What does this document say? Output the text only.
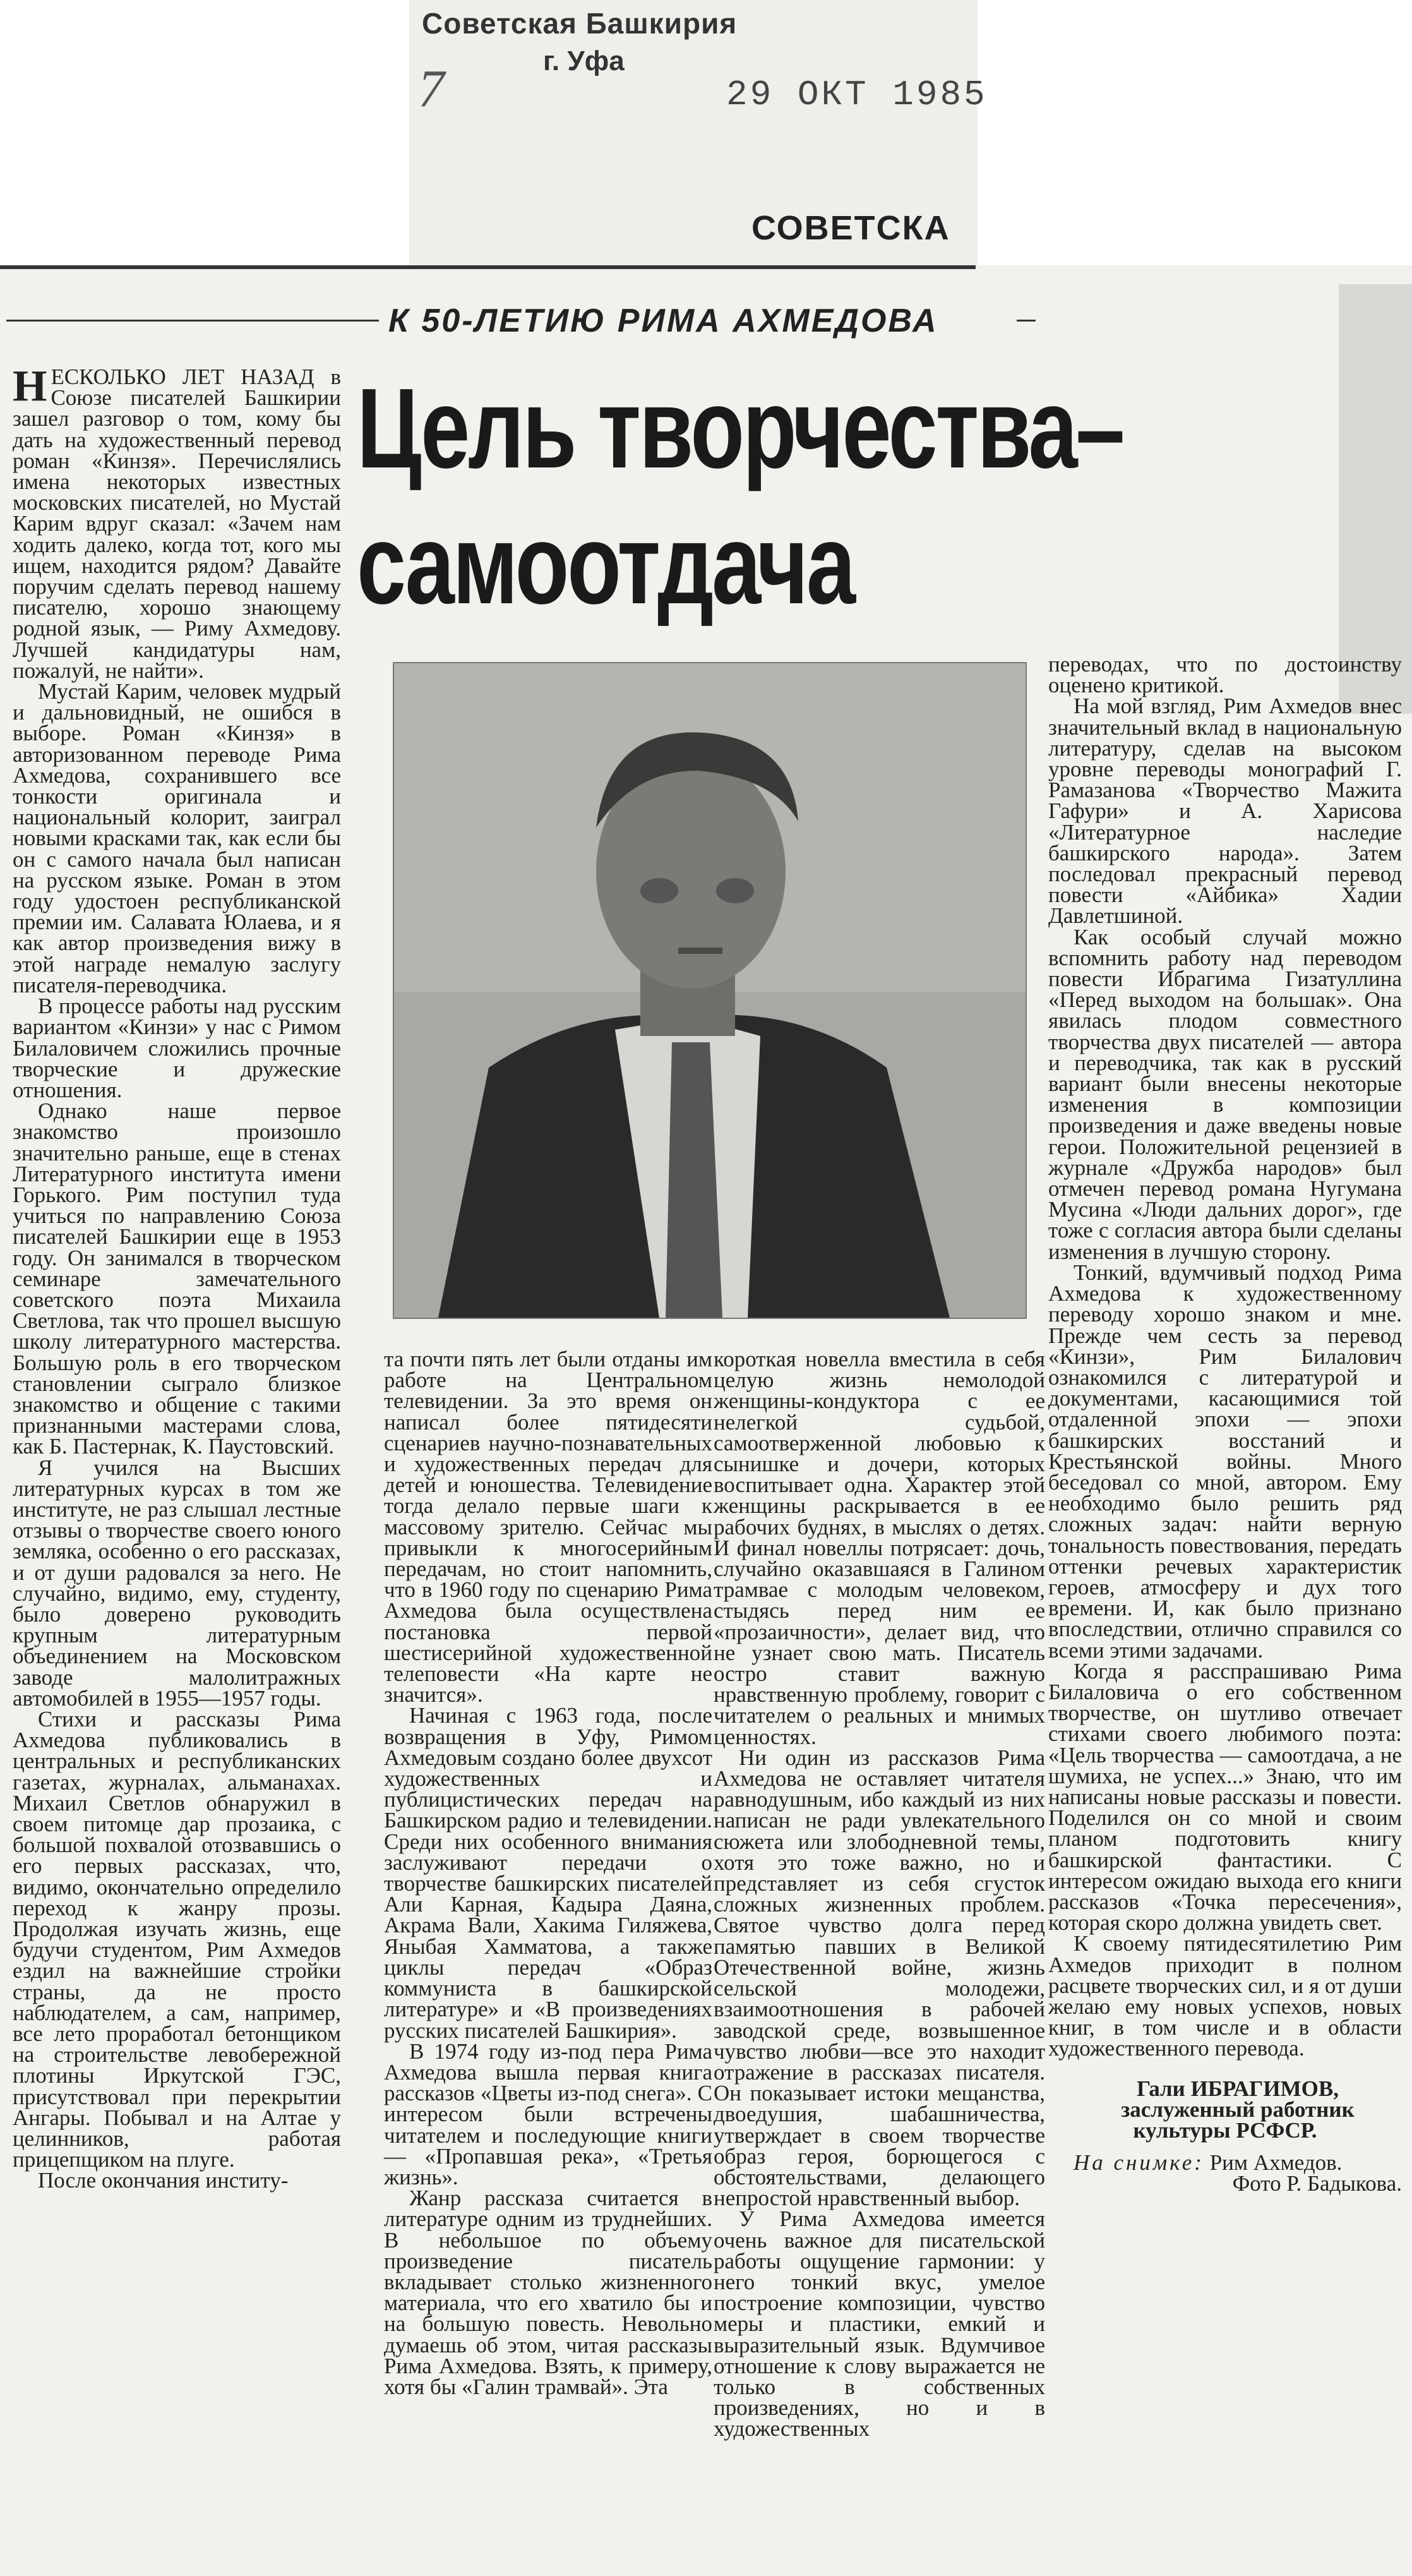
Советская Башкирия
г. Уфа
7	29 ОКТ 1985
СОВЕТСКА
К 50-ЛЕТИЮ РИМА АХМЕДОВА
Цель творчества–
самоотдача

НЕСКОЛЬКО ЛЕТ НАЗАД в Союзе писателей Башкирии зашел разговор о том, кому бы дать на художественный перевод роман «Кинзя». Перечислялись имена некоторых известных московских писателей, но Мустай Карим вдруг сказал: «Зачем нам ходить далеко, когда тот, кого мы ищем, находится рядом? Давайте поручим сделать перевод нашему писателю, хорошо знающему родной язык, — Риму Ахмедову. Лучшей кандидатуры нам, пожалуй, не найти».

Мустай Карим, человек мудрый и дальновидный, не ошибся в выборе. Роман «Кинзя» в авторизованном переводе Рима Ахмедова, сохранившего все тонкости оригинала и национальный колорит, заиграл новыми красками так, как если бы он с самого начала был написан на русском языке. Роман в этом году удостоен республиканской премии им. Салавата Юлаева, и я как автор произведения вижу в этой награде немалую заслугу писателя-переводчика.

В процессе работы над русским вариантом «Кинзи» у нас с Римом Билаловичем сложились прочные творческие и дружеские отношения.

Однако наше первое знакомство произошло значительно раньше, еще в стенах Литературного института имени Горького. Рим поступил туда учиться по направлению Союза писателей Башкирии еще в 1953 году. Он занимался в творческом семинаре замечательного советского поэта Михаила Светлова, так что прошел высшую школу литературного мастерства. Большую роль в его творческом становлении сыграло близкое знакомство и общение с такими признанными мастерами слова, как Б. Пастернак, К. Паустовский.

Я учился на Высших литературных курсах в том же институте, не раз слышал лестные отзывы о творчестве своего юного земляка, особенно о его рассказах, и от души радовался за него. Не случайно, видимо, ему, студенту, было доверено руководить крупным литературным объединением на Московском заводе малолитражных автомобилей в 1955—1957 годы.

Стихи и рассказы Рима Ахмедова публиковались в центральных и республиканских газетах, журналах, альманахах. Михаил Светлов обнаружил в своем питомце дар прозаика, с большой похвалой отозвавшись о его первых рассказах, что, видимо, окончательно определило переход к жанру прозы. Продолжая изучать жизнь, еще будучи студентом, Рим Ахмедов ездил на важнейшие стройки страны, да не просто наблюдателем, а сам, например, все лето проработал бетонщиком на строительстве левобережной плотины Иркутской ГЭС, присутствовал при перекрытии Ангары. Побывал и на Алтае у целинников, работая прицепщиком на плуге.

После окончания институ-

та почти пять лет были отданы им работе на Центральном телевидении. За это время он написал более пятидесяти сценариев научно-познавательных и художественных передач для детей и юношества. Телевидение тогда делало первые шаги к массовому зрителю. Сейчас мы привыкли к многосерийным передачам, но стоит напомнить, что в 1960 году по сценарию Рима Ахмедова была осуществлена постановка первой шестисерийной художественной телеповести «На карте не значится».

Начиная с 1963 года, после возвращения в Уфу, Римом Ахмедовым создано более двухсот художественных и публицистических передач на Башкирском радио и телевидении. Среди них особенного внимания заслуживают передачи о творчестве башкирских писателей Али Карная, Кадыра Даяна, Акрама Вали, Хакима Гиляжева, Яныбая Хамматова, а также циклы передач «Образ коммуниста в башкирской литературе» и «В произведениях русских писателей Башкирия».

В 1974 году из-под пера Рима Ахмедова вышла первая книга рассказов «Цветы из-под снега». С интересом были встречены читателем и последующие книги — «Пропавшая река», «Третья жизнь».

Жанр рассказа считается в литературе одним из труднейших. В небольшое по объему произведение писатель вкладывает столько жизненного материала, что его хватило бы и на большую повесть. Невольно думаешь об этом, читая рассказы Рима Ахмедова. Взять, к примеру, хотя бы «Галин трамвай». Эта

короткая новелла вместила в себя целую жизнь немолодой женщины-кондуктора с ее нелегкой судьбой, самоотверженной любовью к сынишке и дочери, которых воспитывает одна. Характер этой женщины раскрывается в ее рабочих буднях, в мыслях о детях. И финал новеллы потрясает: дочь, случайно оказавшаяся в Галином трамвае с молодым человеком, стыдясь перед ним ее «прозаичности», делает вид, что не узнает свою мать. Писатель остро ставит важную нравственную проблему, говорит с читателем о реальных и мнимых ценностях.

Ни один из рассказов Рима Ахмедова не оставляет читателя равнодушным, ибо каждый из них написан не ради увлекательного сюжета или злободневной темы, хотя это тоже важно, но и представляет из себя сгусток сложных жизненных проблем. Святое чувство долга перед памятью павших в Великой Отечественной войне, жизнь сельской молодежи, взаимоотношения в рабочей заводской среде, возвышенное чувство любви—все это находит отражение в рассказах писателя. Он показывает истоки мещанства, двоедушия, шабашничества, утверждает в своем творчестве образ героя, борющегося с обстоятельствами, делающего непростой нравственный выбор.

У Рима Ахмедова имеется очень важное для писательской работы ощущение гармонии: у него тонкий вкус, умелое построение композиции, чувство меры и пластики, емкий и выразительный язык. Вдумчивое отношение к слову выражается не только в собственных произведениях, но и в художественных

переводах, что по достоинству оценено критикой.

На мой взгляд, Рим Ахмедов внес значительный вклад в национальную литературу, сделав на высоком уровне переводы монографий Г. Рамазанова «Творчество Мажита Гафури» и А. Харисова «Литературное наследие башкирского народа». Затем последовал прекрасный перевод повести «Айбика» Хадии Давлетшиной.

Как особый случай можно вспомнить работу над переводом повести Ибрагима Гизатуллина «Перед выходом на большак». Она явилась плодом совместного творчества двух писателей — автора и переводчика, так как в русский вариант были внесены некоторые изменения в композиции произведения и даже введены новые герои. Положительной рецензией в журнале «Дружба народов» был отмечен перевод романа Нугумана Мусина «Люди дальних дорог», где тоже с согласия автора были сделаны изменения в лучшую сторону.

Тонкий, вдумчивый подход Рима Ахмедова к художественному переводу хорошо знаком и мне. Прежде чем сесть за перевод «Кинзи», Рим Билалович ознакомился с литературой и документами, касающимися той отдаленной эпохи — эпохи башкирских восстаний и Крестьянской войны. Много беседовал со мной, автором. Ему необходимо было решить ряд сложных задач: найти верную тональность повествования, передать оттенки речевых характеристик героев, атмосферу и дух того времени. И, как было признано впоследствии, отлично справился со всеми этими задачами.

Когда я расспрашиваю Рима Билаловича о его собственном творчестве, он шутливо отвечает стихами своего любимого поэта: «Цель творчества — самоотдача, а не шумиха, не успех...» Знаю, что им написаны новые рассказы и повести. Поделился он со мной и своим планом подготовить книгу башкирской фантастики. С интересом ожидаю выхода его книги рассказов «Точка пересечения», которая скоро должна увидеть свет.

К своему пятидесятилетию Рим Ахмедов приходит в полном расцвете творческих сил, и я от души желаю ему новых успехов, новых книг, в том числе и в области художественного перевода.

Гали ИБРАГИМОВ,

заслуженный работник культуры РСФСР.

На снимке: Рим Ахмедов.

Фото Р. Бадыкова.
